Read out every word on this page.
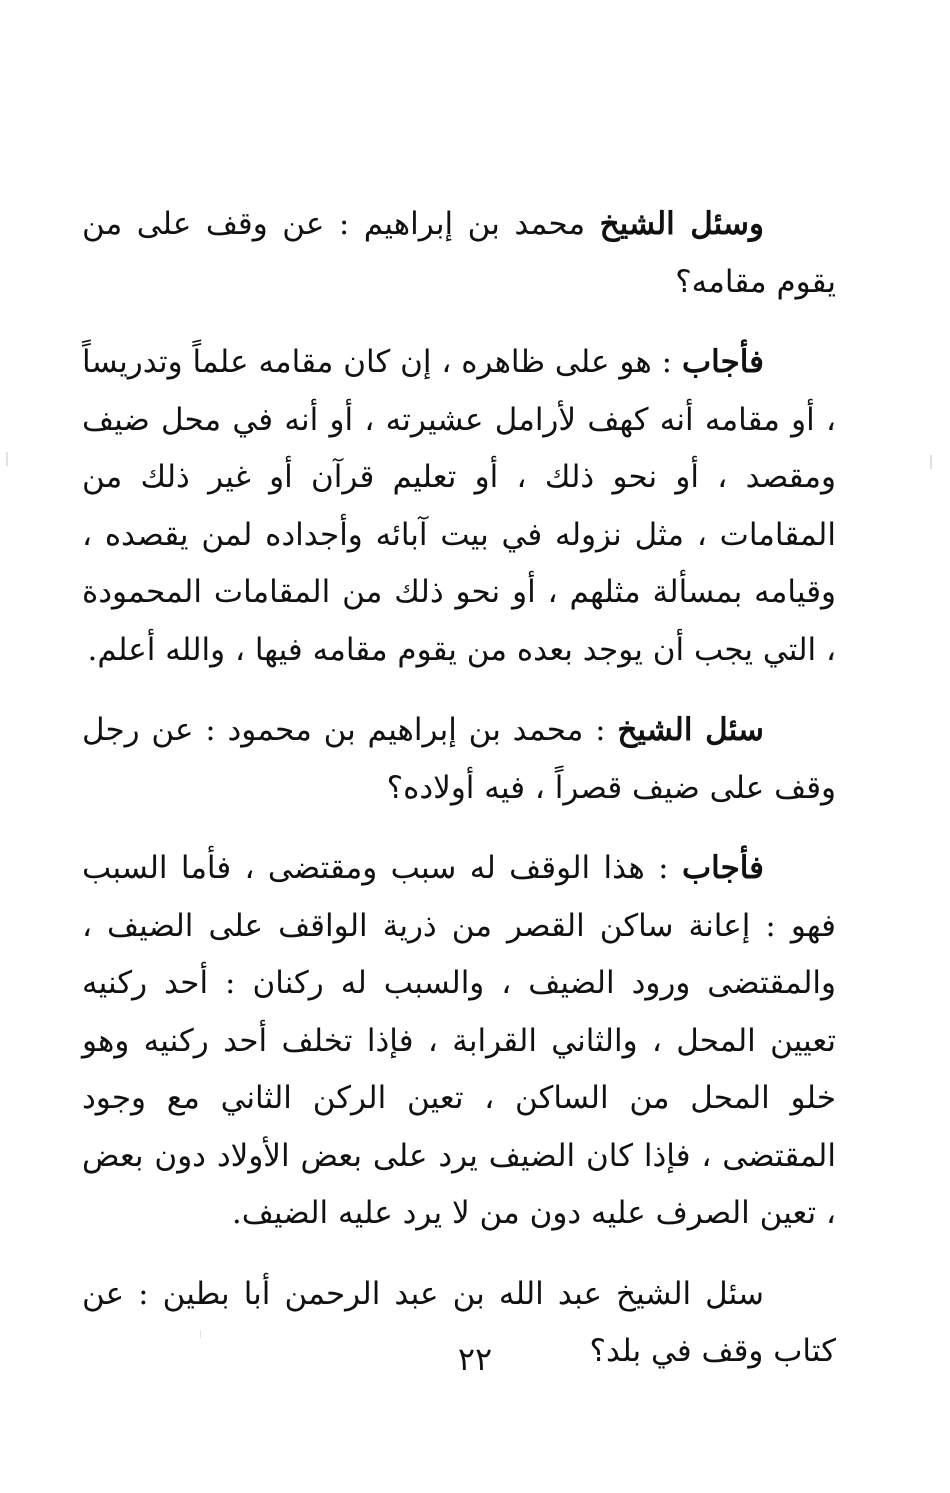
وسئل الشيخ محمد بن إبراهيم : عن وقف على من يقوم مقامه؟

فأجاب : هو على ظاهره ، إن كان مقامه علماً وتدريساً ، أو مقامه أنه كهف لأرامل عشيرته ، أو أنه في محل ضيف ومقصد ، أو نحو ذلك ، أو تعليم قرآن أو غير ذلك من المقامات ، مثل نزوله في بيت آبائه وأجداده لمن يقصده ، وقيامه بمسألة مثلهم ، أو نحو ذلك من المقامات المحمودة ، التي يجب أن يوجد بعده من يقوم مقامه فيها ، والله أعلم.

سئل الشيخ : محمد بن إبراهيم بن محمود : عن رجل وقف على ضيف قصراً ، فيه أولاده؟

فأجاب : هذا الوقف له سبب ومقتضى ، فأما السبب فهو : إعانة ساكن القصر من ذرية الواقف على الضيف ، والمقتضى ورود الضيف ، والسبب له ركنان : أحد ركنيه تعيين المحل ، والثاني القرابة ، فإذا تخلف أحد ركنيه وهو خلو المحل من الساكن ، تعين الركن الثاني مع وجود المقتضى ، فإذا كان الضيف يرد على بعض الأولاد دون بعض ، تعين الصرف عليه دون من لا يرد عليه الضيف.

سئل الشيخ عبد الله بن عبد الرحمن أبا بطين : عن كتاب وقف في بلد؟

٢٢
